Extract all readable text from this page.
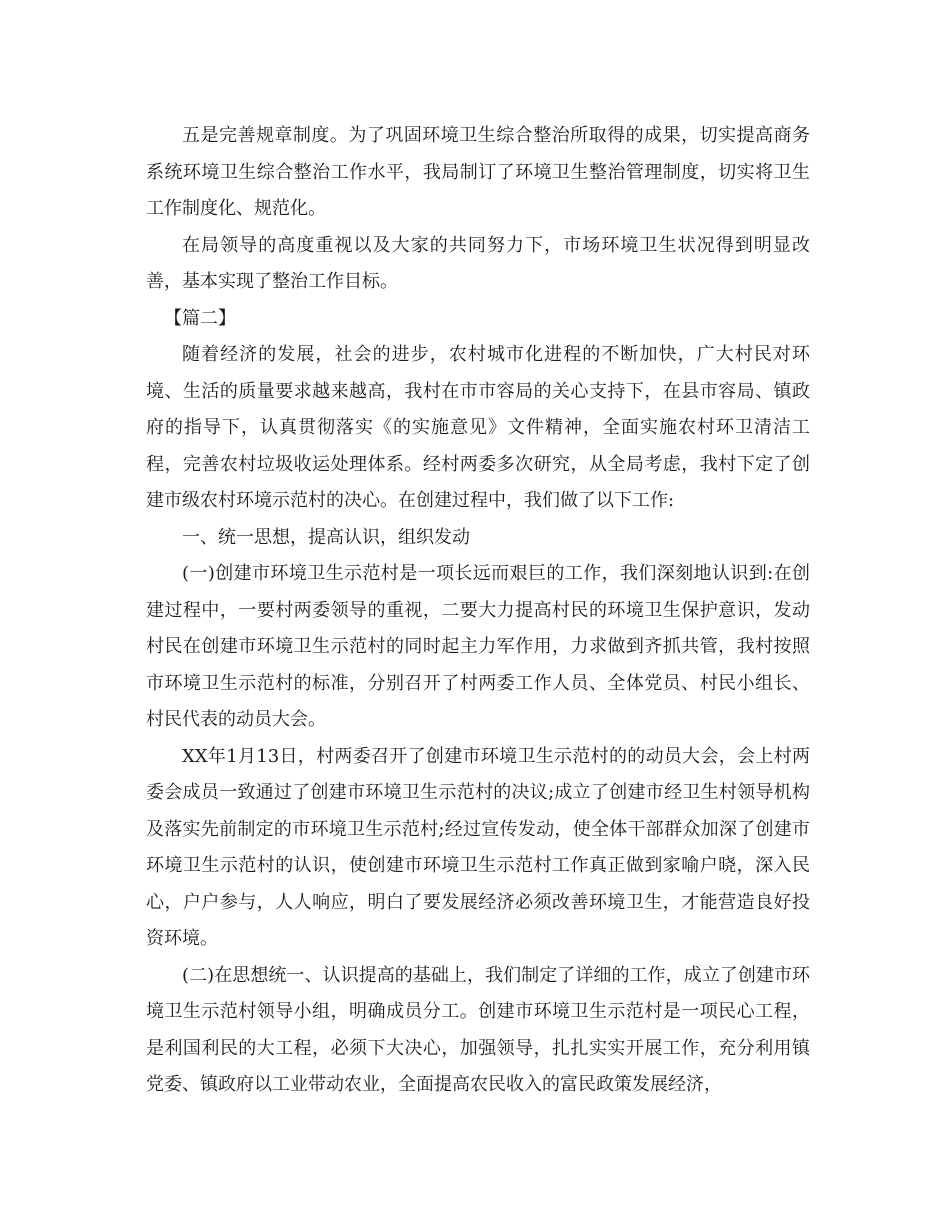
五是完善规章制度。为了巩固环境卫生综合整治所取得的成果，切实提高商务系统环境卫生综合整治工作水平，我局制订了环境卫生整治管理制度，切实将卫生工作制度化、规范化。

在局领导的高度重视以及大家的共同努力下，市场环境卫生状况得到明显改善，基本实现了整治工作目标。

【篇二】

随着经济的发展，社会的进步，农村城市化进程的不断加快，广大村民对环境、生活的质量要求越来越高，我村在市市容局的关心支持下，在县市容局、镇政府的指导下，认真贯彻落实《的实施意见》文件精神，全面实施农村环卫清洁工程，完善农村垃圾收运处理体系。经村两委多次研究，从全局考虑，我村下定了创建市级农村环境示范村的决心。在创建过程中，我们做了以下工作:

一、统一思想，提高认识，组织发动

(一)创建市环境卫生示范村是一项长远而艰巨的工作，我们深刻地认识到:在创建过程中，一要村两委领导的重视，二要大力提高村民的环境卫生保护意识，发动村民在创建市环境卫生示范村的同时起主力军作用，力求做到齐抓共管，我村按照市环境卫生示范村的标准，分别召开了村两委工作人员、全体党员、村民小组长、村民代表的动员大会。

XX年1月13日，村两委召开了创建市环境卫生示范村的的动员大会，会上村两委会成员一致通过了创建市环境卫生示范村的决议;成立了创建市经卫生村领导机构及落实先前制定的市环境卫生示范村;经过宣传发动，使全体干部群众加深了创建市环境卫生示范村的认识，使创建市环境卫生示范村工作真正做到家喻户晓，深入民心，户户参与，人人响应，明白了要发展经济必须改善环境卫生，才能营造良好投资环境。

(二)在思想统一、认识提高的基础上，我们制定了详细的工作，成立了创建市环境卫生示范村领导小组，明确成员分工。创建市环境卫生示范村是一项民心工程，是利国利民的大工程，必须下大决心，加强领导，扎扎实实开展工作，充分利用镇党委、镇政府以工业带动农业，全面提高农民收入的富民政策发展经济，
